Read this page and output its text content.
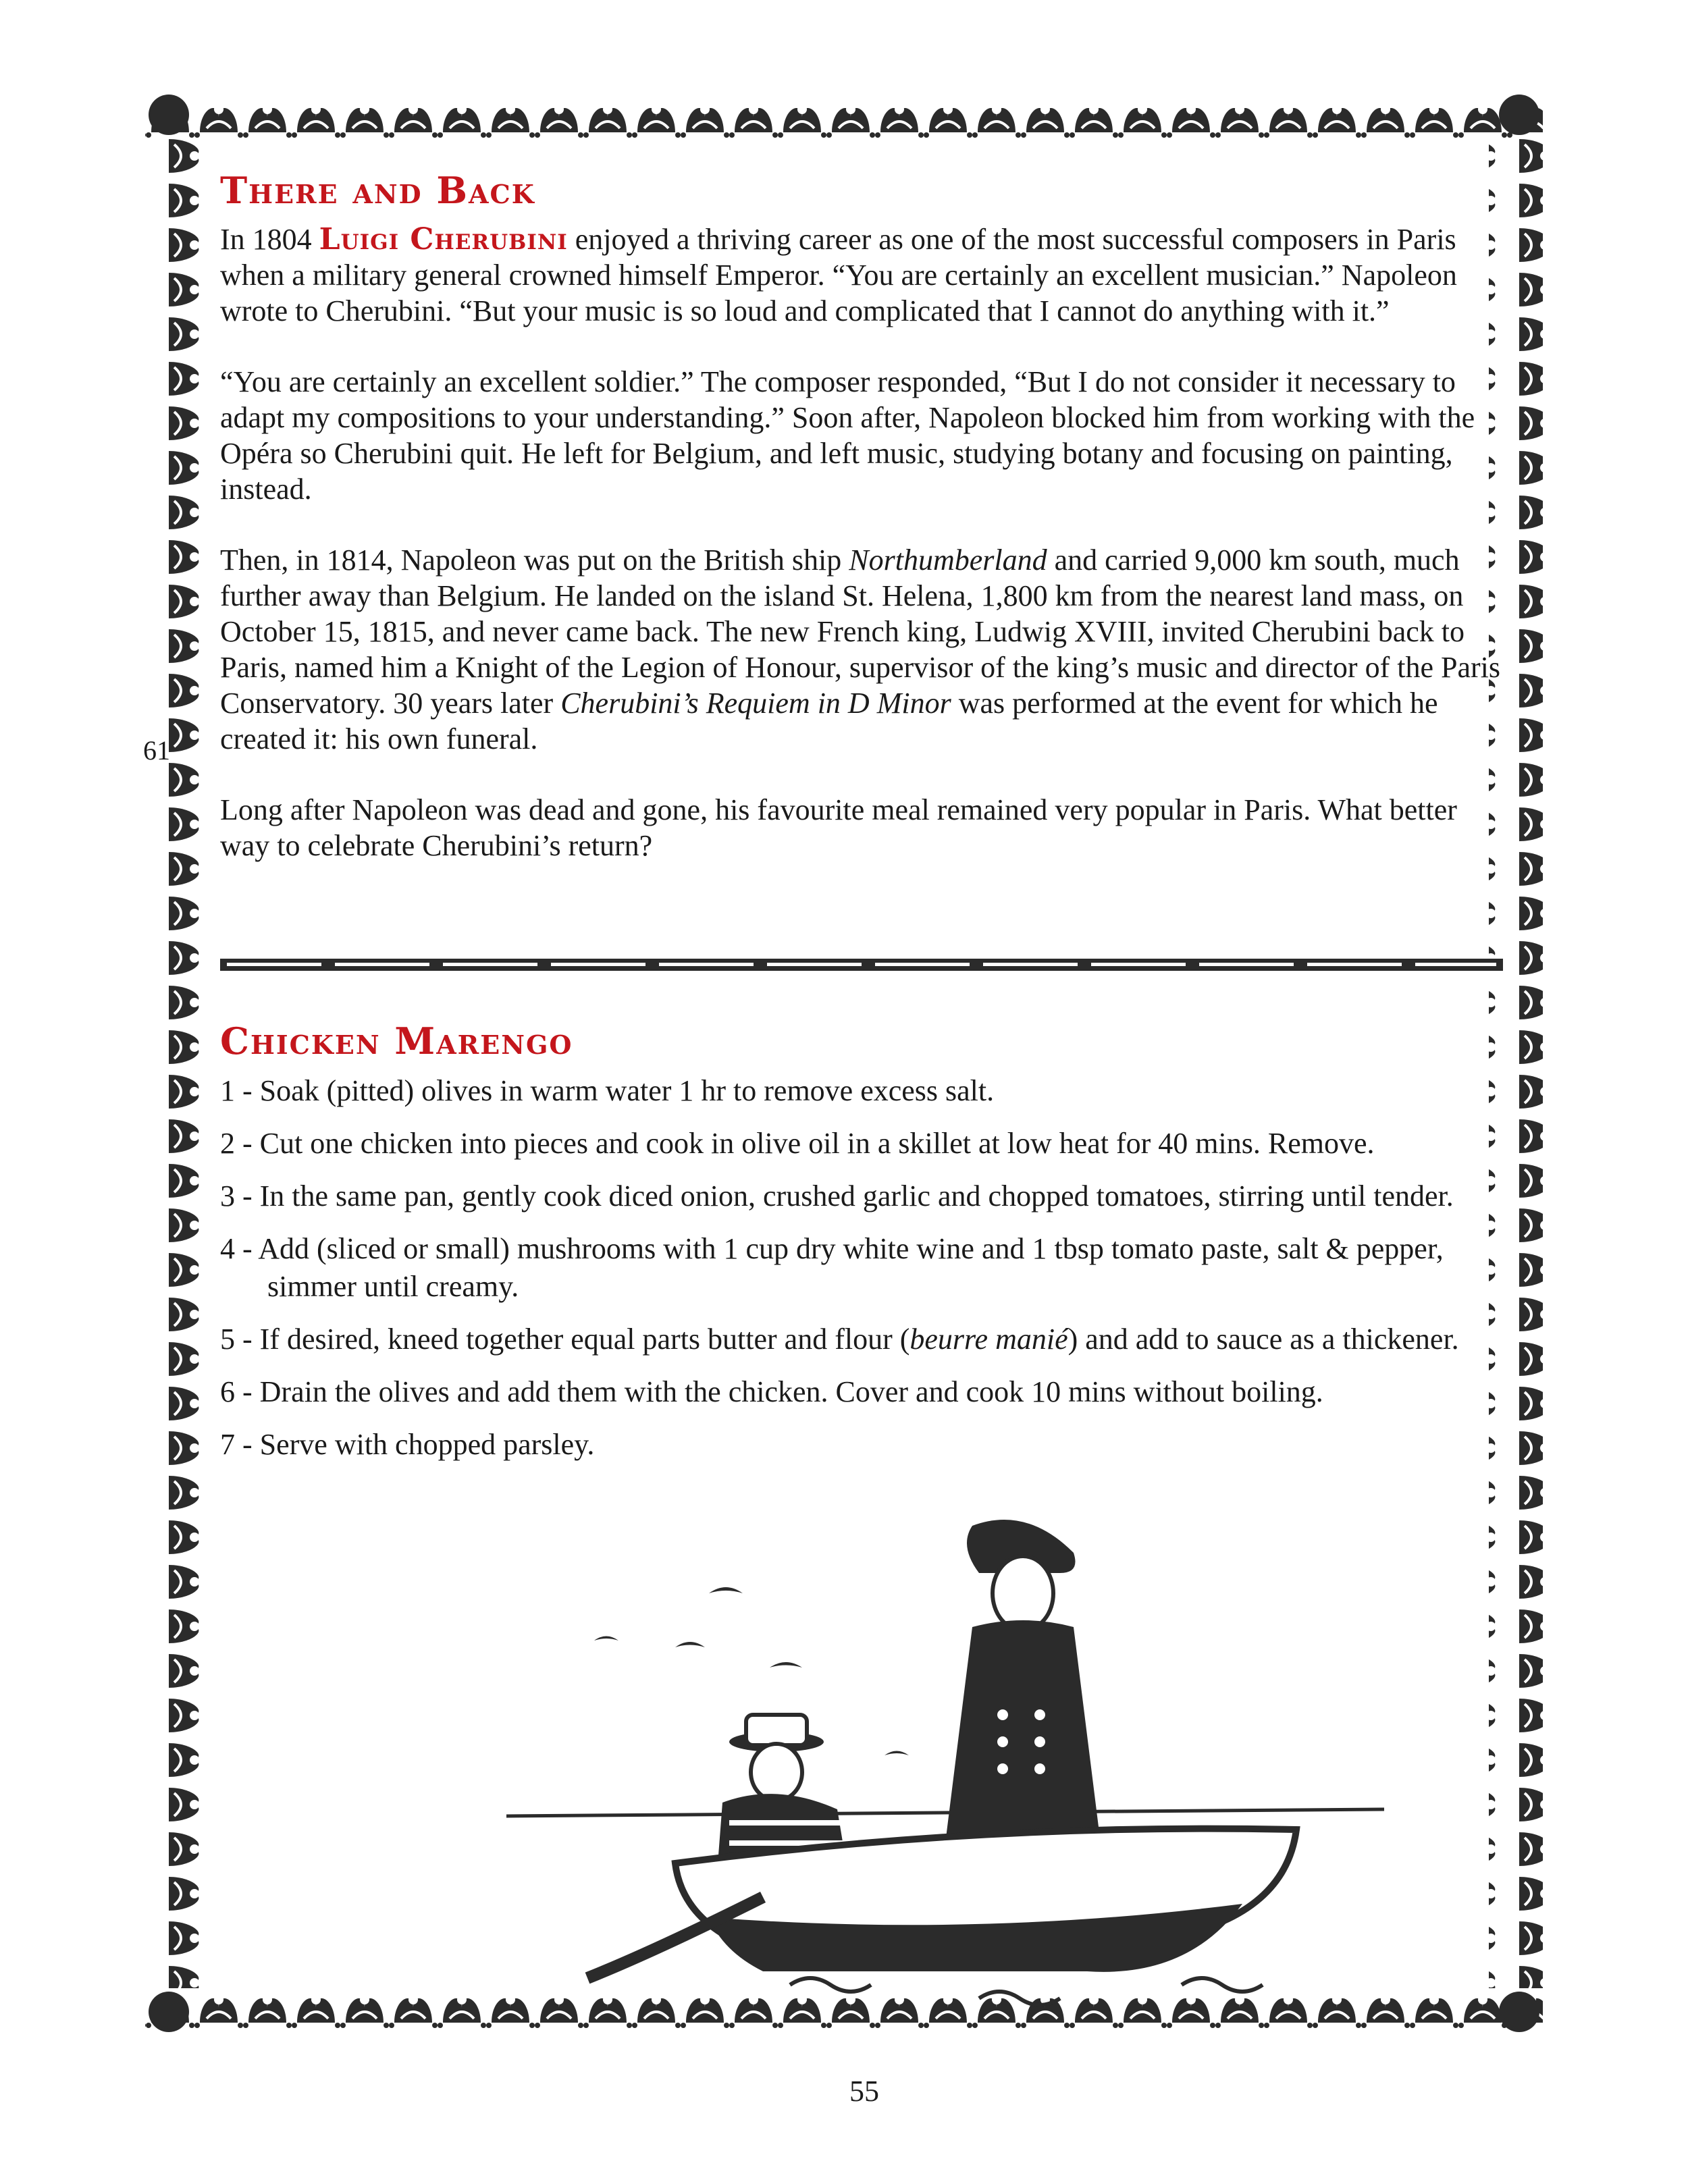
There and Back

In 1804 Luigi Cherubini enjoyed a thriving career as one of the most successful composers in Paris when a military general crowned himself Emperor. “You are certainly an excellent musician.” Napoleon wrote to Cherubini. “But your music is so loud and complicated that I cannot do anything with it.”

“You are certainly an excellent soldier.” The composer responded, “But I do not consider it necessary to adapt my compositions to your understanding.” Soon after, Napoleon blocked him from working with the Opéra so Cherubini quit. He left for Belgium, and left music, studying botany and focusing on painting, instead.

Then, in 1814, Napoleon was put on the British ship Northumberland and carried 9,000 km south, much further away than Belgium. He landed on the island St. Helena, 1,800 km from the nearest land mass, on October 15, 1815, and never came back. The new French king, Ludwig XVIII, invited Cherubini back to Paris, named him a Knight of the Legion of Honour, supervisor of the king’s music and director of the Paris Conservatory. 30 years later Cherubini’s Requiem in D Minor was performed at the event for which he created it: his own funeral.

Long after Napoleon was dead and gone, his favourite meal remained very popular in Paris. What better way to celebrate Cherubini’s return?

61
Chicken Marengo

1 - Soak (pitted) olives in warm water 1 hr to remove excess salt.

2 - Cut one chicken into pieces and cook in olive oil in a skillet at low heat for 40 mins. Remove.

3 - In the same pan, gently cook diced onion, crushed garlic and chopped tomatoes, stirring until tender.

4 - Add (sliced or small) mushrooms with 1 cup dry white wine and 1 tbsp tomato paste, salt & pepper, simmer until creamy.

5 - If desired, kneed together equal parts butter and flour (beurre manié) and add to sauce as a thickener.

6 - Drain the olives and add them with the chicken. Cover and cook 10 mins without boiling.

7 - Serve with chopped parsley.

55
